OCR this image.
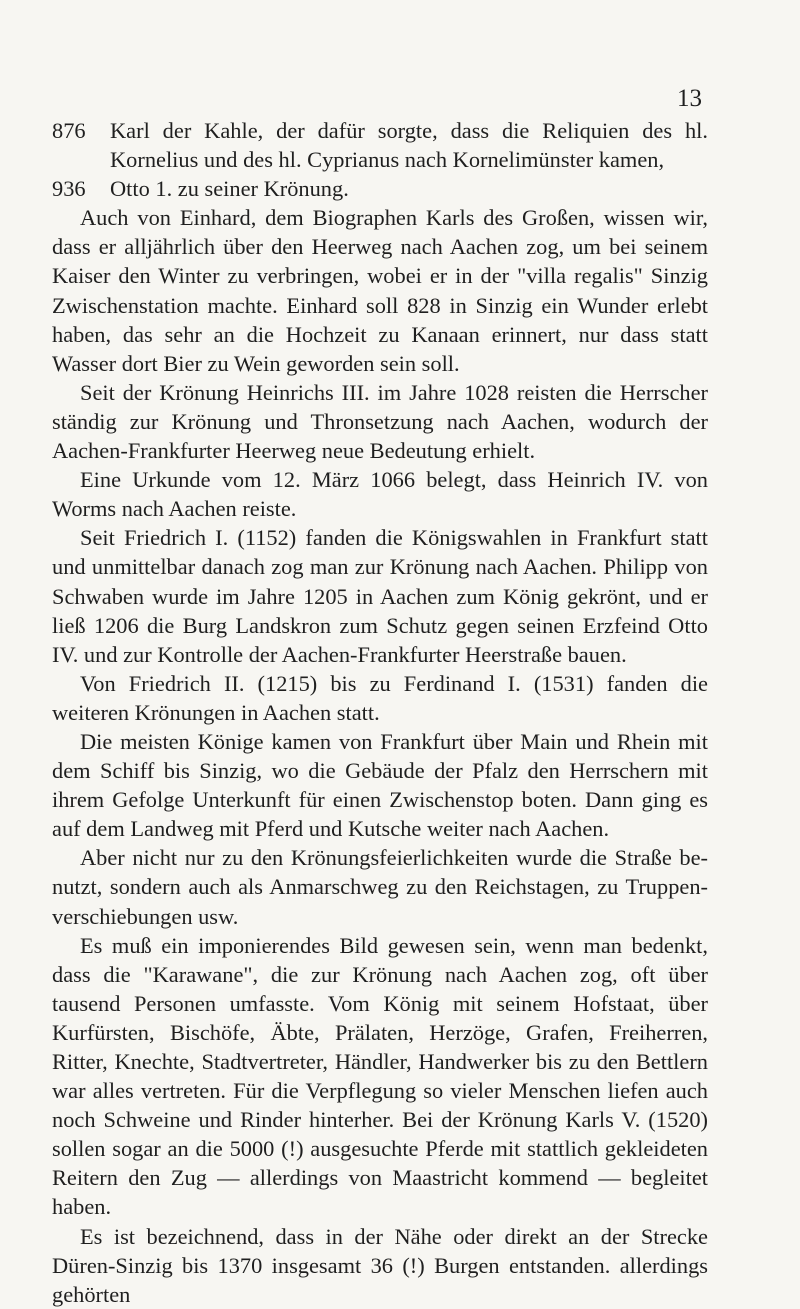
13
876	Karl der Kahle, der dafür sorgte, dass die Reliquien des hl. Kornelius und des hl. Cyprianus nach Kornelimünster kamen,
936	Otto 1. zu seiner Krönung.

Auch von Einhard, dem Biographen Karls des Großen, wissen wir, dass er alljährlich über den Heerweg nach Aachen zog, um bei seinem Kaiser den Winter zu verbringen, wobei er in der "villa regalis" Sinzig Zwischenstation machte. Einhard soll 828 in Sinzig ein Wunder erlebt haben, das sehr an die Hochzeit zu Kanaan erinnert, nur dass statt Wasser dort Bier zu Wein geworden sein soll.

Seit der Krönung Heinrichs III. im Jahre 1028 reisten die Herrscher ständig zur Krönung und Thronsetzung nach Aachen, wodurch der Aachen-Frankfurter Heerweg neue Bedeutung erhielt.

Eine Urkunde vom 12. März 1066 belegt, dass Heinrich IV. von Worms nach Aachen reiste.

Seit Friedrich I. (1152) fanden die Königswahlen in Frankfurt statt und unmittelbar danach zog man zur Krönung nach Aachen. Philipp von Schwaben wurde im Jahre 1205 in Aachen zum König gekrönt, und er ließ 1206 die Burg Landskron zum Schutz gegen seinen Erzfeind Otto IV. und zur Kontrolle der Aachen-Frankfurter Heerstraße bauen.

Von Friedrich II. (1215) bis zu Ferdinand I. (1531) fanden die weiteren Krönungen in Aachen statt.

Die meisten Könige kamen von Frankfurt über Main und Rhein mit dem Schiff bis Sinzig, wo die Gebäude der Pfalz den Herrschern mit ihrem Gefolge Unterkunft für einen Zwischenstop boten. Dann ging es auf dem Landweg mit Pferd und Kutsche weiter nach Aachen.

Aber nicht nur zu den Krönungsfeierlichkeiten wurde die Straße benutzt, sondern auch als Anmarschweg zu den Reichstagen, zu Truppenverschiebungen usw.

Es muß ein imponierendes Bild gewesen sein, wenn man bedenkt, dass die "Karawane", die zur Krönung nach Aachen zog, oft über tausend Personen umfasste. Vom König mit seinem Hofstaat, über Kurfürsten, Bischöfe, Äbte, Prälaten, Herzöge, Grafen, Freiherren, Ritter, Knechte, Stadtvertreter, Händler, Handwerker bis zu den Bettlern war alles vertreten. Für die Verpflegung so vieler Menschen liefen auch noch Schweine und Rinder hinterher. Bei der Krönung Karls V. (1520) sollen sogar an die 5000 (!) ausgesuchte Pferde mit stattlich gekleideten Reitern den Zug — allerdings von Maastricht kommend — begleitet haben.

Es ist bezeichnend, dass in der Nähe oder direkt an der Strecke Düren-Sinzig bis 1370 insgesamt 36 (!) Burgen entstanden. allerdings gehörten
